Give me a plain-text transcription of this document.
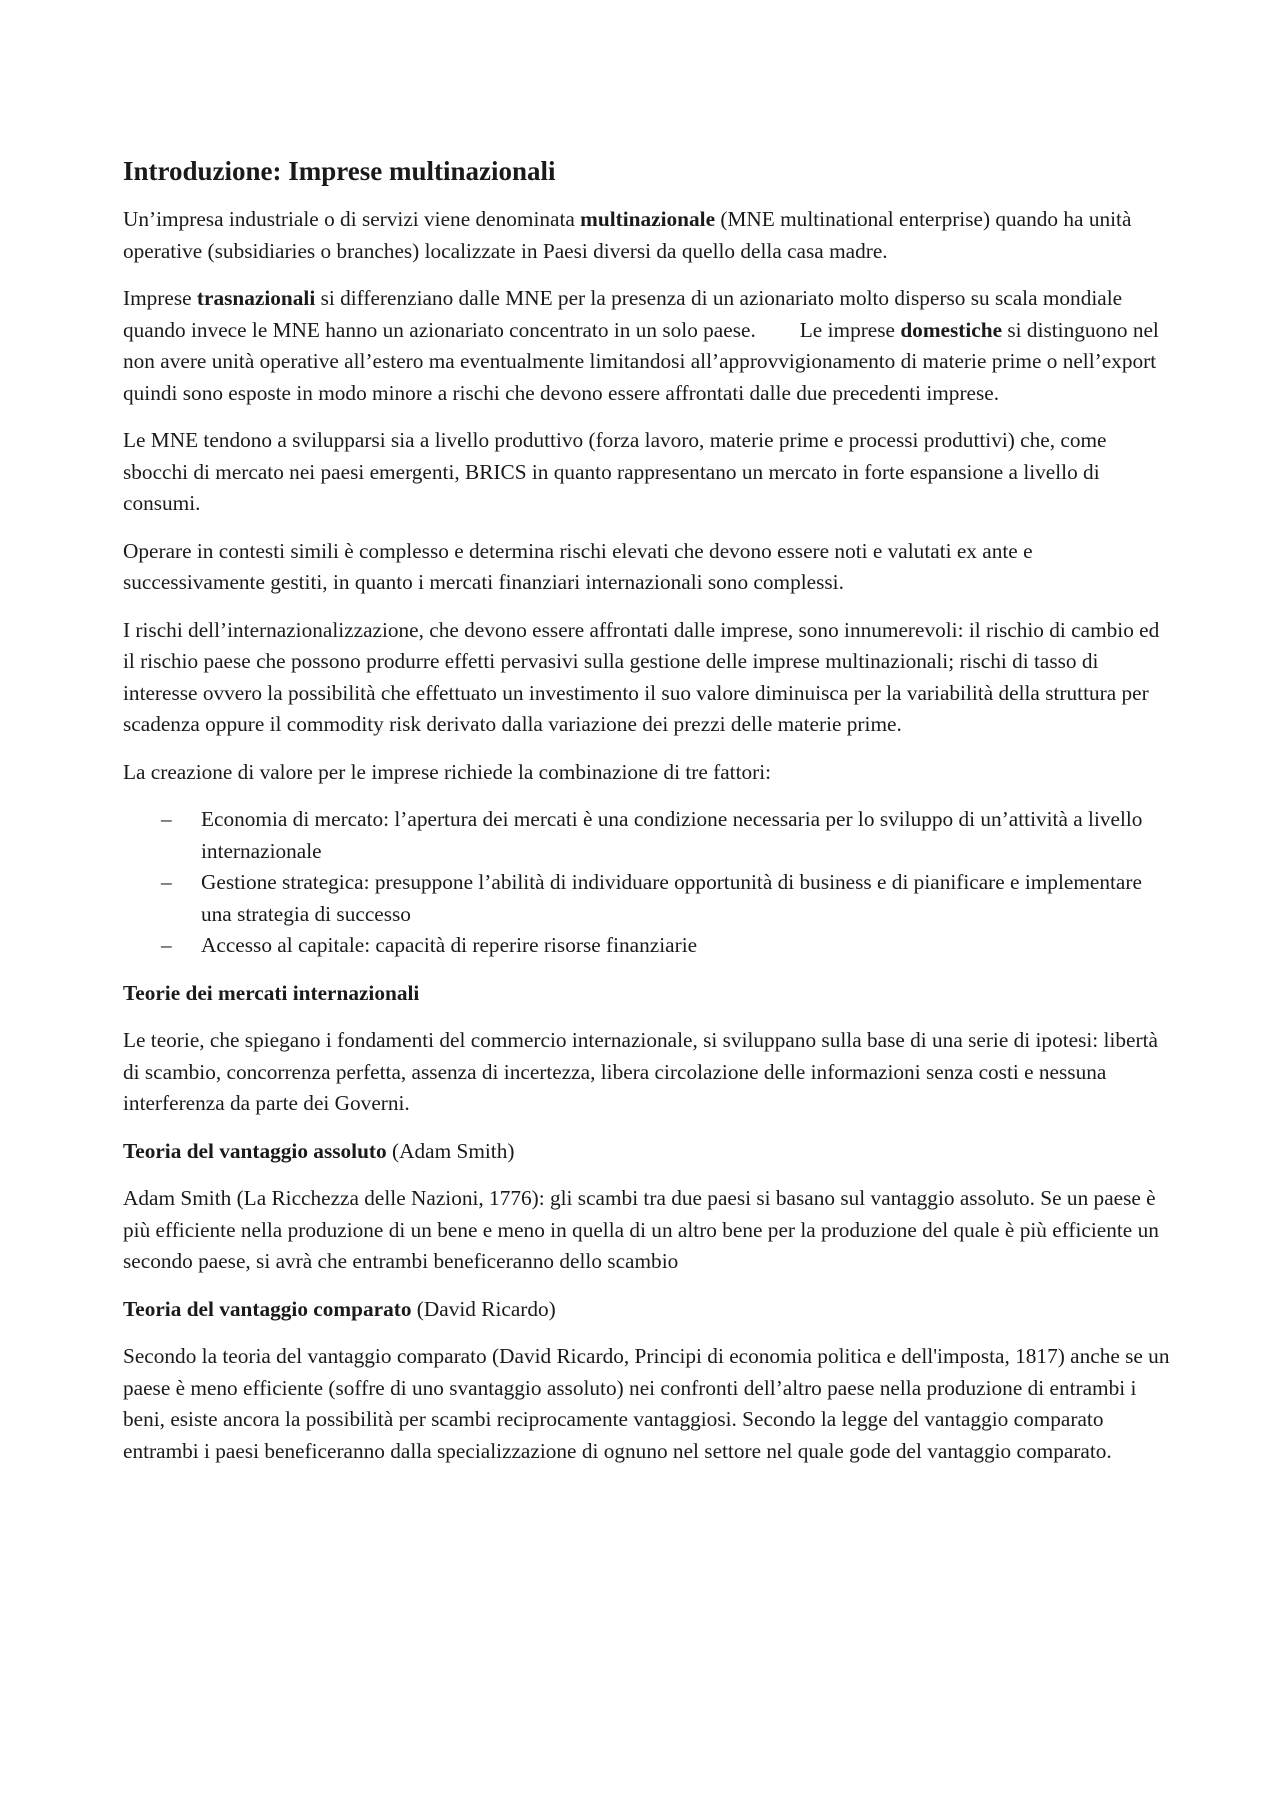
Introduzione: Imprese multinazionali

Un’impresa industriale o di servizi viene denominata multinazionale (MNE multinational enterprise) quando ha unità operative (subsidiaries o branches) localizzate in Paesi diversi da quello della casa madre.

Imprese trasnazionali si differenziano dalle MNE per la presenza di un azionariato molto disperso su scala mondiale quando invece le MNE hanno un azionariato concentrato in un solo paese. Le imprese domestiche si distinguono nel non avere unità operative all’estero ma eventualmente limitandosi all’approvvigionamento di materie prime o nell’export quindi sono esposte in modo minore a rischi che devono essere affrontati dalle due precedenti imprese.

Le MNE tendono a svilupparsi sia a livello produttivo (forza lavoro, materie prime e processi produttivi) che, come sbocchi di mercato nei paesi emergenti, BRICS in quanto rappresentano un mercato in forte espansione a livello di consumi.

Operare in contesti simili è complesso e determina rischi elevati che devono essere noti e valutati ex ante e successivamente gestiti, in quanto i mercati finanziari internazionali sono complessi.

I rischi dell’internazionalizzazione, che devono essere affrontati dalle imprese, sono innumerevoli: il rischio di cambio ed il rischio paese che possono produrre effetti pervasivi sulla gestione delle imprese multinazionali; rischi di tasso di interesse ovvero la possibilità che effettuato un investimento il suo valore diminuisca per la variabilità della struttura per scadenza oppure il commodity risk derivato dalla variazione dei prezzi delle materie prime.

La creazione di valore per le imprese richiede la combinazione di tre fattori:

– Economia di mercato: l’apertura dei mercati è una condizione necessaria per lo sviluppo di un’attività a livello internazionale
– Gestione strategica: presuppone l’abilità di individuare opportunità di business e di pianificare e implementare una strategia di successo
– Accesso al capitale: capacità di reperire risorse finanziarie
Teorie dei mercati internazionali

Le teorie, che spiegano i fondamenti del commercio internazionale, si sviluppano sulla base di una serie di ipotesi: libertà di scambio, concorrenza perfetta, assenza di incertezza, libera circolazione delle informazioni senza costi e nessuna interferenza da parte dei Governi.

Teoria del vantaggio assoluto (Adam Smith)

Adam Smith (La Ricchezza delle Nazioni, 1776): gli scambi tra due paesi si basano sul vantaggio assoluto. Se un paese è più efficiente nella produzione di un bene e meno in quella di un altro bene per la produzione del quale è più efficiente un secondo paese, si avrà che entrambi beneficeranno dello scambio

Teoria del vantaggio comparato (David Ricardo)

Secondo la teoria del vantaggio comparato (David Ricardo, Principi di economia politica e dell'imposta, 1817) anche se un paese è meno efficiente (soffre di uno svantaggio assoluto) nei confronti dell’altro paese nella produzione di entrambi i beni, esiste ancora la possibilità per scambi reciprocamente vantaggiosi. Secondo la legge del vantaggio comparato entrambi i paesi beneficeranno dalla specializzazione di ognuno nel settore nel quale gode del vantaggio comparato.
